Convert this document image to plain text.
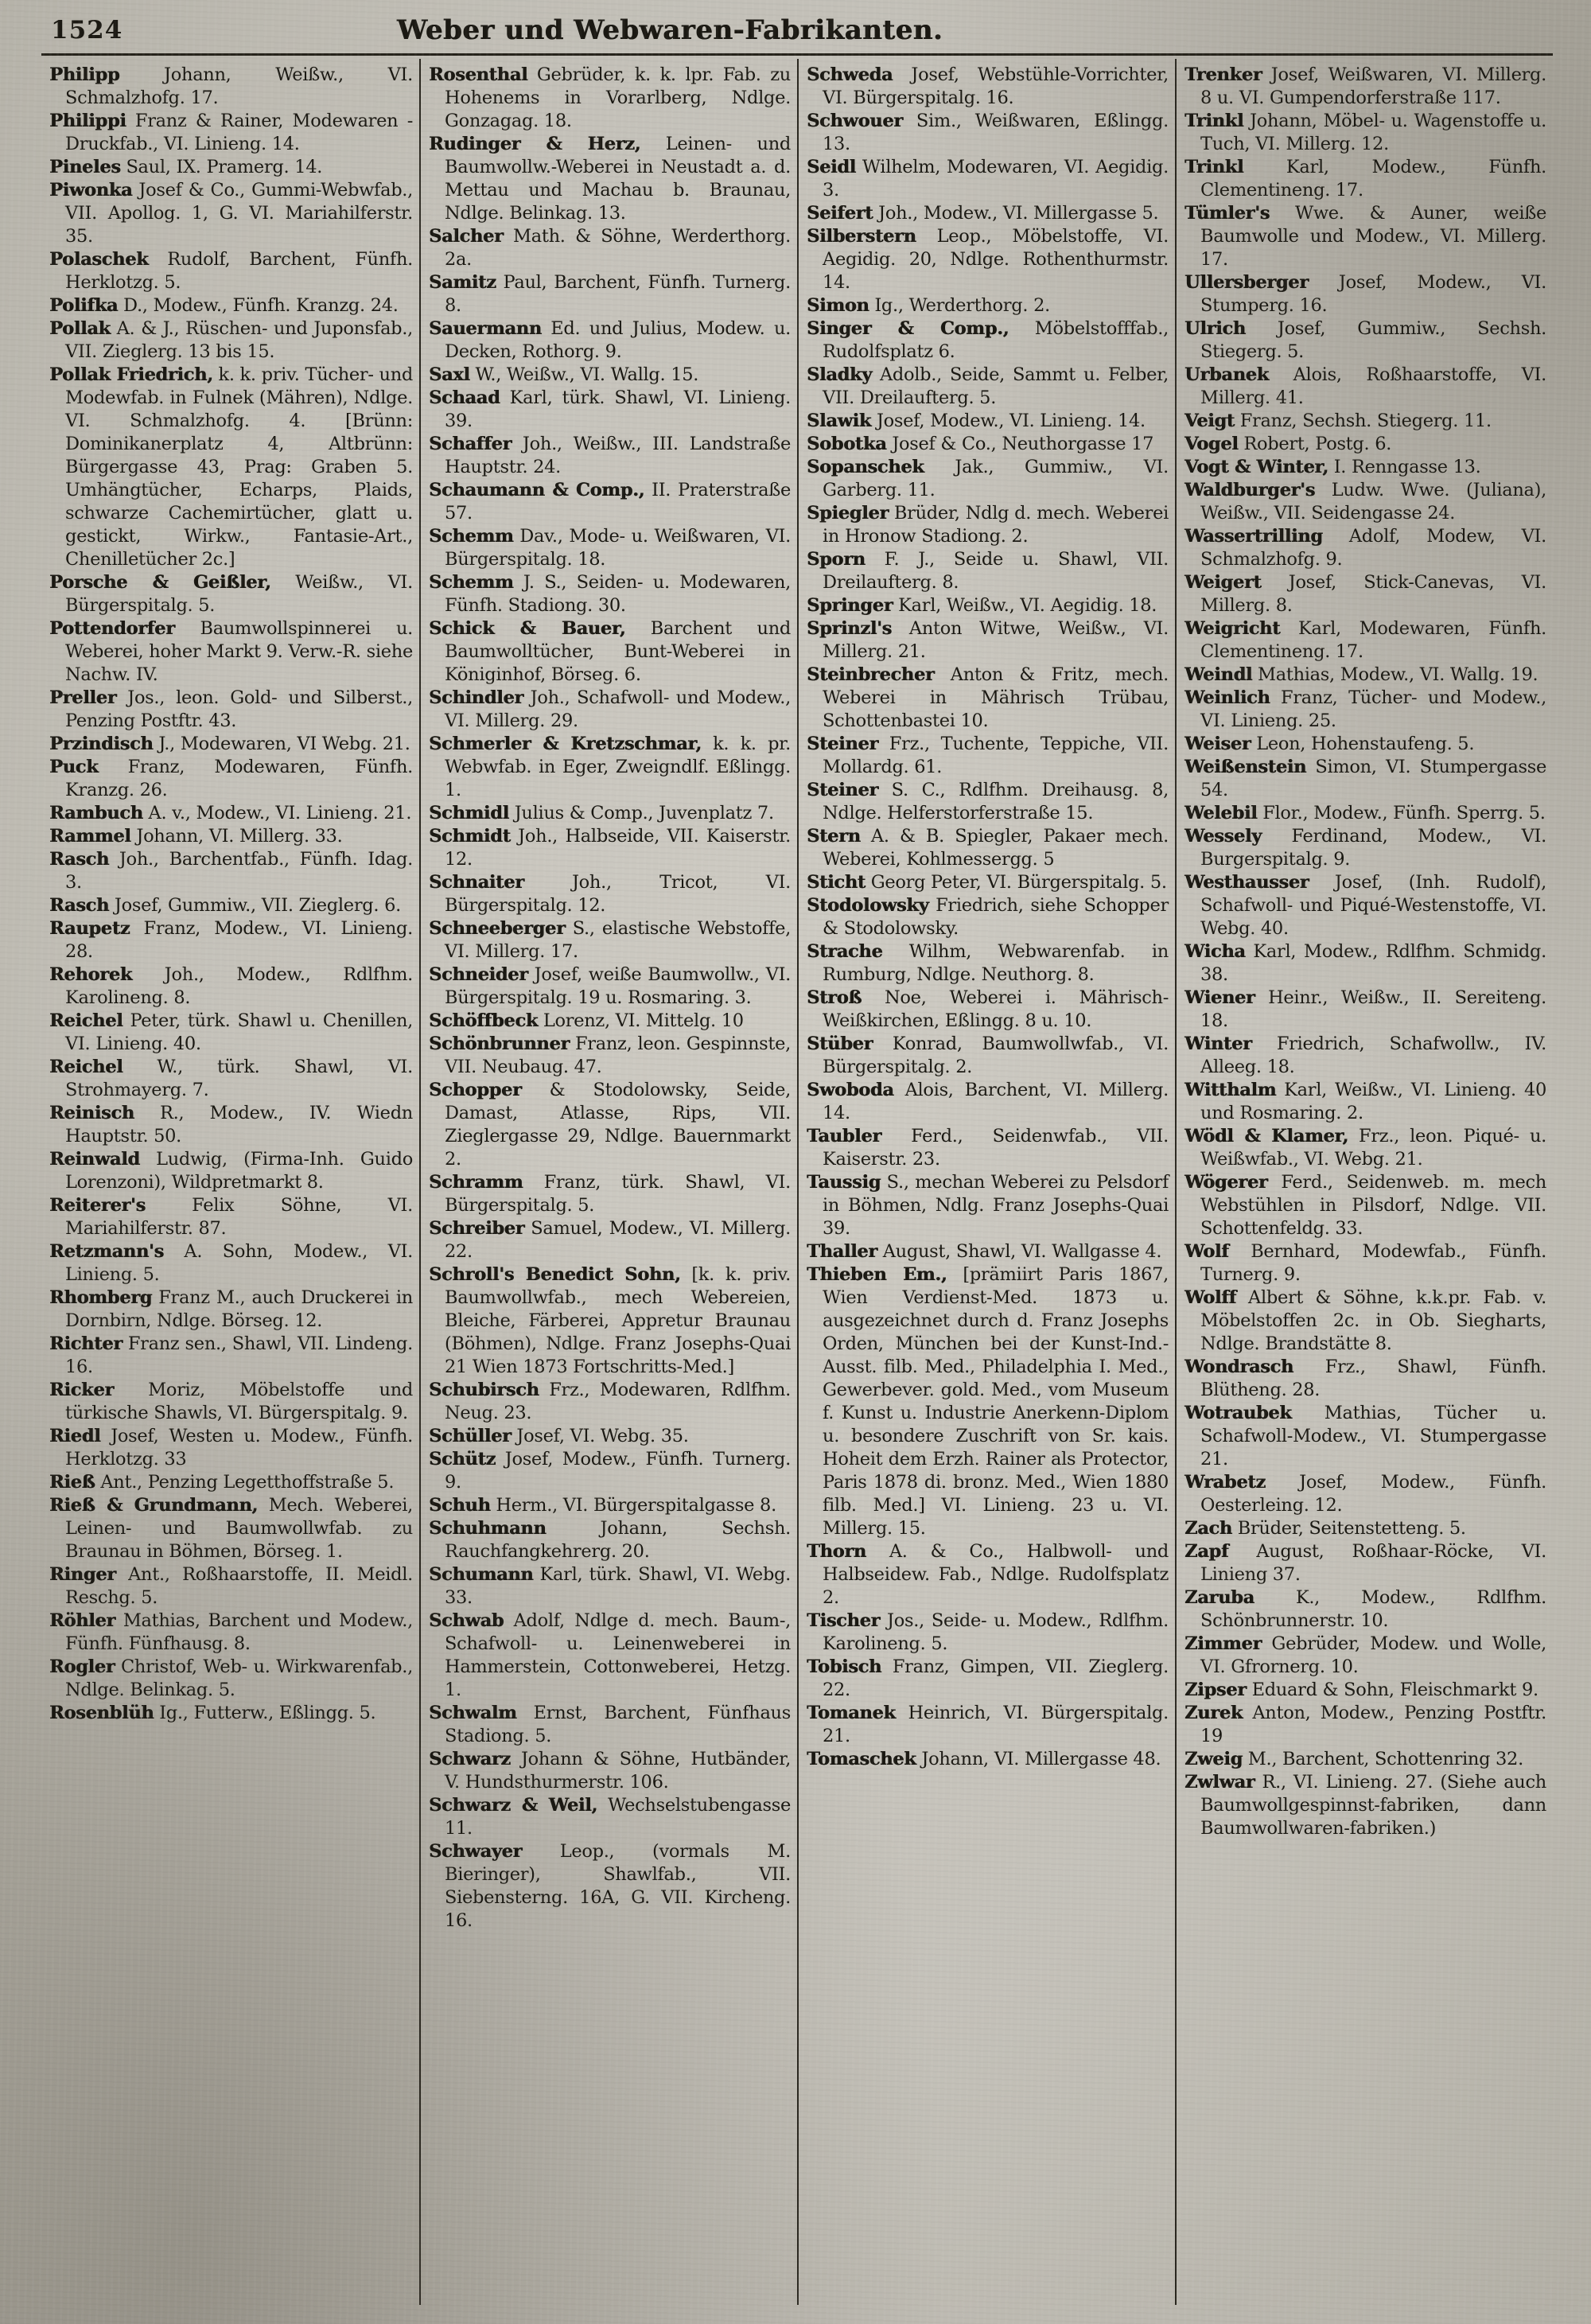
1524	Weber und Webwaren-Fabrikanten.

Philipp Johann, Weißw., VI. Schmalzhofg. 17.

Philippi Franz & Rainer, Modewaren - Druckfab., VI. Linieng. 14.

Pineles Saul, IX. Pramerg. 14.

Piwonka Josef & Co., Gummi-Webwfab., VII. Apollog. 1, G. VI. Mariahilferstr. 35.

Polaschek Rudolf, Barchent, Fünfh. Herklotzg. 5.

Polifka D., Modew., Fünfh. Kranzg. 24.

Pollak A. & J., Rüschen- und Juponsfab., VII. Zieglerg. 13 bis 15.

Pollak Friedrich, k. k. priv. Tücher- und Modewfab. in Fulnek (Mähren), Ndlge. VI. Schmalzhofg. 4. [Brünn: Dominikanerplatz 4, Altbrünn: Bürgergasse 43, Prag: Graben 5. Umhängtücher, Echarps, Plaids, schwarze Cachemirtücher, glatt u. gestickt, Wirkw., Fantasie-Art., Chenilletücher 2c.]

Porsche & Geißler, Weißw., VI. Bürgerspitalg. 5.

Pottendorfer Baumwollspinnerei u. Weberei, hoher Markt 9. Verw.-R. siehe Nachw. IV.

Preller Jos., leon. Gold- und Silberst., Penzing Postftr. 43.

Przindisch J., Modewaren, VI Webg. 21.

Puck Franz, Modewaren, Fünfh. Kranzg. 26.

Rambuch A. v., Modew., VI. Linieng. 21.

Rammel Johann, VI. Millerg. 33.

Rasch Joh., Barchentfab., Fünfh. Idag. 3.

Rasch Josef, Gummiw., VII. Zieglerg. 6.

Raupetz Franz, Modew., VI. Linieng. 28.

Rehorek Joh., Modew., Rdlfhm. Karolineng. 8.

Reichel Peter, türk. Shawl u. Chenillen, VI. Linieng. 40.

Reichel W., türk. Shawl, VI. Strohmayerg. 7.

Reinisch R., Modew., IV. Wiedn Hauptstr. 50.

Reinwald Ludwig, (Firma-Inh. Guido Lorenzoni), Wildpretmarkt 8.

Reiterer's	Felix Söhne, VI. Mariahilferstr. 87.

Retzmann's A. Sohn, Modew., VI. Linieng. 5.

Rhomberg Franz M., auch Druckerei in Dornbirn, Ndlge. Börseg. 12.

Richter Franz sen., Shawl, VII. Lindeng. 16.

Ricker Moriz, Möbelstoffe und türkische Shawls, VI. Bürgerspitalg. 9.

Riedl Josef, Westen u. Modew., Fünfh. Herklotzg. 33

Rieß Ant., Penzing Legetthoffstraße 5.

Rieß & Grundmann, Mech. Weberei, Leinen- und Baumwollwfab. zu Braunau in Böhmen, Börseg. 1.

Ringer Ant., Roßhaarstoffe, II. Meidl. Reschg. 5.

Röhler Mathias, Barchent und Modew., Fünfh. Fünfhausg. 8.

Rogler Christof, Web- u. Wirkwarenfab., Ndlge. Belinkag. 5.

Rosenblüh Ig., Futterw., Eßlingg. 5.

Rosenthal Gebrüder, k. k. lpr. Fab. zu Hohenems in Vorarlberg, Ndlge. Gonzagag. 18.

Rudinger & Herz, Leinen- und Baumwollw.-Weberei in Neustadt a. d. Mettau und Machau b. Braunau, Ndlge. Belinkag. 13.

Salcher Math. & Söhne, Werderthorg. 2a.

Samitz Paul, Barchent, Fünfh. Turnerg. 8.

Sauermann Ed. und Julius, Modew. u. Decken, Rothorg. 9.

Saxl W., Weißw., VI. Wallg. 15.

Schaad Karl, türk. Shawl, VI. Linieng. 39.

Schaffer Joh., Weißw., III. Landstraße Hauptstr. 24.

Schaumann & Comp., II. Praterstraße 57.

Schemm Dav., Mode- u. Weißwaren, VI. Bürgerspitalg. 18.

Schemm J. S., Seiden- u. Modewaren, Fünfh. Stadiong. 30.

Schick & Bauer, Barchent und Baumwolltücher, Bunt-Weberei in Königinhof, Börseg. 6.

Schindler Joh., Schafwoll- und Modew., VI. Millerg. 29.

Schmerler & Kretzschmar, k. k. pr. Webwfab. in Eger, Zweigndlf. Eßlingg. 1.

Schmidl Julius & Comp., Juvenplatz 7.

Schmidt Joh., Halbseide, VII. Kaiserstr. 12.

Schnaiter	Joh., Tricot, VI. Bürgerspitalg. 12.

Schneeberger S., elastische Webstoffe, VI. Millerg. 17.

Schneider Josef, weiße Baumwollw., VI. Bürgerspitalg. 19 u. Rosmaring. 3.

Schöffbeck Lorenz, VI. Mittelg. 10

Schönbrunner Franz, leon. Gespinnste, VII. Neubaug. 47.

Schopper & Stodolowsky, Seide, Damast, Atlasse, Rips, VII. Zieglergasse 29, Ndlge. Bauernmarkt 2.

Schramm Franz, türk. Shawl, VI. Bürgerspitalg. 5.

Schreiber Samuel, Modew., VI. Millerg. 22.

Schroll's Benedict Sohn, [k. k. priv. Baumwollwfab., mech Webereien, Bleiche, Färberei, Appretur Braunau (Böhmen), Ndlge. Franz Josephs-Quai 21 Wien 1873 Fortschritts-Med.]

Schubirsch Frz., Modewaren, Rdlfhm. Neug. 23.

Schüller Josef, VI. Webg. 35.

Schütz Josef, Modew., Fünfh. Turnerg. 9.

Schuh Herm., VI. Bürgerspitalgasse 8.

Schuhmann	Johann, Sechsh. Rauchfangkehrerg. 20.

Schumann Karl, türk. Shawl, VI. Webg. 33.

Schwab Adolf, Ndlge d. mech. Baum-, Schafwoll- u. Leinenweberei in Hammerstein, Cottonweberei, Hetzg. 1.

Schwalm Ernst, Barchent, Fünfhaus Stadiong. 5.

Schwarz Johann & Söhne, Hutbänder, V. Hundsthurmerstr. 106.

Schwarz & Weil, Wechselstubengasse 11.

Schwayer Leop., (vormals M. Bieringer), Shawlfab., VII. Siebensterng. 16A, G. VII. Kircheng. 16.

Schweda Josef, Webstühle-Vorrichter, VI. Bürgerspitalg. 16.

Schwouer Sim., Weißwaren, Eßlingg. 13.

Seidl Wilhelm, Modewaren, VI. Aegidig. 3.

Seifert Joh., Modew., VI. Millergasse 5.

Silberstern Leop., Möbelstoffe, VI. Aegidig. 20, Ndlge. Rothenthurmstr. 14.

Simon Ig., Werderthorg. 2.

Singer & Comp., Möbelstofffab., Rudolfsplatz 6.

Sladky Adolb., Seide, Sammt u. Felber, VII. Dreilaufterg. 5.

Slawik Josef, Modew., VI. Linieng. 14.

Sobotka Josef & Co., Neuthorgasse 17

Sopanschek Jak., Gummiw., VI. Garberg. 11.

Spiegler Brüder, Ndlg d. mech. Weberei in Hronow Stadiong. 2.

Sporn F. J., Seide u. Shawl, VII. Dreilaufterg. 8.

Springer Karl, Weißw., VI. Aegidig. 18.

Sprinzl's Anton Witwe, Weißw., VI. Millerg. 21.

Steinbrecher Anton & Fritz, mech. Weberei in Mährisch Trübau, Schottenbastei 10.

Steiner Frz., Tuchente, Teppiche, VII. Mollardg. 61.

Steiner S. C., Rdlfhm. Dreihausg. 8, Ndlge. Helferstorferstraße 15.

Stern A. & B. Spiegler, Pakaer mech. Weberei, Kohlmessergg. 5

Sticht Georg Peter, VI. Bürgerspitalg. 5.

Stodolowsky Friedrich, siehe Schopper & Stodolowsky.

Strache Wilhm, Webwarenfab. in Rumburg, Ndlge. Neuthorg. 8.

Stroß Noe, Weberei i. Mährisch-Weißkirchen, Eßlingg. 8 u. 10.

Stüber Konrad, Baumwollwfab., VI. Bürgerspitalg. 2.

Swoboda Alois, Barchent, VI. Millerg. 14.

Taubler Ferd., Seidenwfab., VII. Kaiserstr. 23.

Taussig S., mechan Weberei zu Pelsdorf in Böhmen, Ndlg. Franz Josephs-Quai 39.

Thaller August, Shawl, VI. Wallgasse 4.

Thieben Em., [prämiirt Paris 1867, Wien Verdienst-Med. 1873 u. ausgezeichnet durch d. Franz Josephs Orden, München bei der Kunst-Ind.-Ausst. filb. Med., Philadelphia I. Med., Gewerbever. gold. Med., vom Museum f. Kunst u. Industrie Anerkenn-Diplom u. besondere Zuschrift von Sr. kais. Hoheit dem Erzh. Rainer als Protector, Paris 1878 di. bronz. Med., Wien 1880 filb. Med.] VI. Linieng. 23 u. VI. Millerg. 15.

Thorn A. & Co., Halbwoll- und Halbseidew. Fab., Ndlge. Rudolfsplatz 2.

Tischer Jos., Seide- u. Modew., Rdlfhm. Karolineng. 5.

Tobisch Franz, Gimpen, VII. Zieglerg. 22.

Tomanek Heinrich, VI. Bürgerspitalg. 21.

Tomaschek Johann, VI. Millergasse 48.

Trenker Josef, Weißwaren, VI. Millerg. 8 u. VI. Gumpendorferstraße 117.

Trinkl Johann, Möbel- u. Wagenstoffe u. Tuch, VI. Millerg. 12.

Trinkl Karl, Modew., Fünfh. Clementineng. 17.

Tümler's Wwe. & Auner, weiße Baumwolle und Modew., VI. Millerg. 17.

Ullersberger Josef, Modew., VI. Stumperg. 16.

Ulrich Josef, Gummiw., Sechsh. Stiegerg. 5.

Urbanek Alois, Roßhaarstoffe, VI. Millerg. 41.

Veigt Franz, Sechsh. Stiegerg. 11.

Vogel Robert, Postg. 6.

Vogt & Winter, I. Renngasse 13.

Waldburger's Ludw. Wwe. (Juliana), Weißw., VII. Seidengasse 24.

Wassertrilling Adolf, Modew, VI. Schmalzhofg. 9.

Weigert Josef, Stick-Canevas, VI. Millerg. 8.

Weigricht Karl, Modewaren, Fünfh. Clementineng. 17.

Weindl Mathias, Modew., VI. Wallg. 19.

Weinlich Franz, Tücher- und Modew., VI. Linieng. 25.

Weiser Leon, Hohenstaufeng. 5.

Weißenstein Simon, VI. Stumpergasse 54.

Welebil Flor., Modew., Fünfh. Sperrg. 5.

Wessely Ferdinand, Modew., VI. Burgerspitalg. 9.

Westhausser Josef, (Inh. Rudolf), Schafwoll- und Piqué-Westenstoffe, VI. Webg. 40.

Wicha Karl, Modew., Rdlfhm. Schmidg. 38.

Wiener Heinr., Weißw., II. Sereiteng. 18.

Winter Friedrich, Schafwollw., IV. Alleeg. 18.

Witthalm Karl, Weißw., VI. Linieng. 40 und Rosmaring. 2.

Wödl & Klamer, Frz., leon. Piqué- u. Weißwfab., VI. Webg. 21.

Wögerer Ferd., Seidenweb. m. mech Webstühlen in Pilsdorf, Ndlge. VII. Schottenfeldg. 33.

Wolf Bernhard, Modewfab., Fünfh. Turnerg. 9.

Wolff Albert & Söhne, k.k.pr. Fab. v. Möbelstoffen 2c. in Ob. Siegharts, Ndlge. Brandstätte 8.

Wondrasch Frz., Shawl, Fünfh. Blütheng. 28.

Wotraubek Mathias, Tücher u. Schafwoll-Modew., VI. Stumpergasse 21.

Wrabetz Josef, Modew., Fünfh. Oesterleing. 12.

Zach Brüder, Seitenstetteng. 5.

Zapf August, Roßhaar-Röcke, VI. Linieng 37.

Zaruba K., Modew., Rdlfhm. Schönbrunnerstr. 10.

Zimmer Gebrüder, Modew. und Wolle, VI. Gfrornerg. 10.

Zipser Eduard & Sohn, Fleischmarkt 9.

Zurek Anton, Modew., Penzing Postftr. 19

Zweig M., Barchent, Schottenring 32.

Zwlwar R., VI. Linieng. 27. (Siehe auch Baumwollgespinnst-fabriken, dann Baumwollwaren-fabriken.)
